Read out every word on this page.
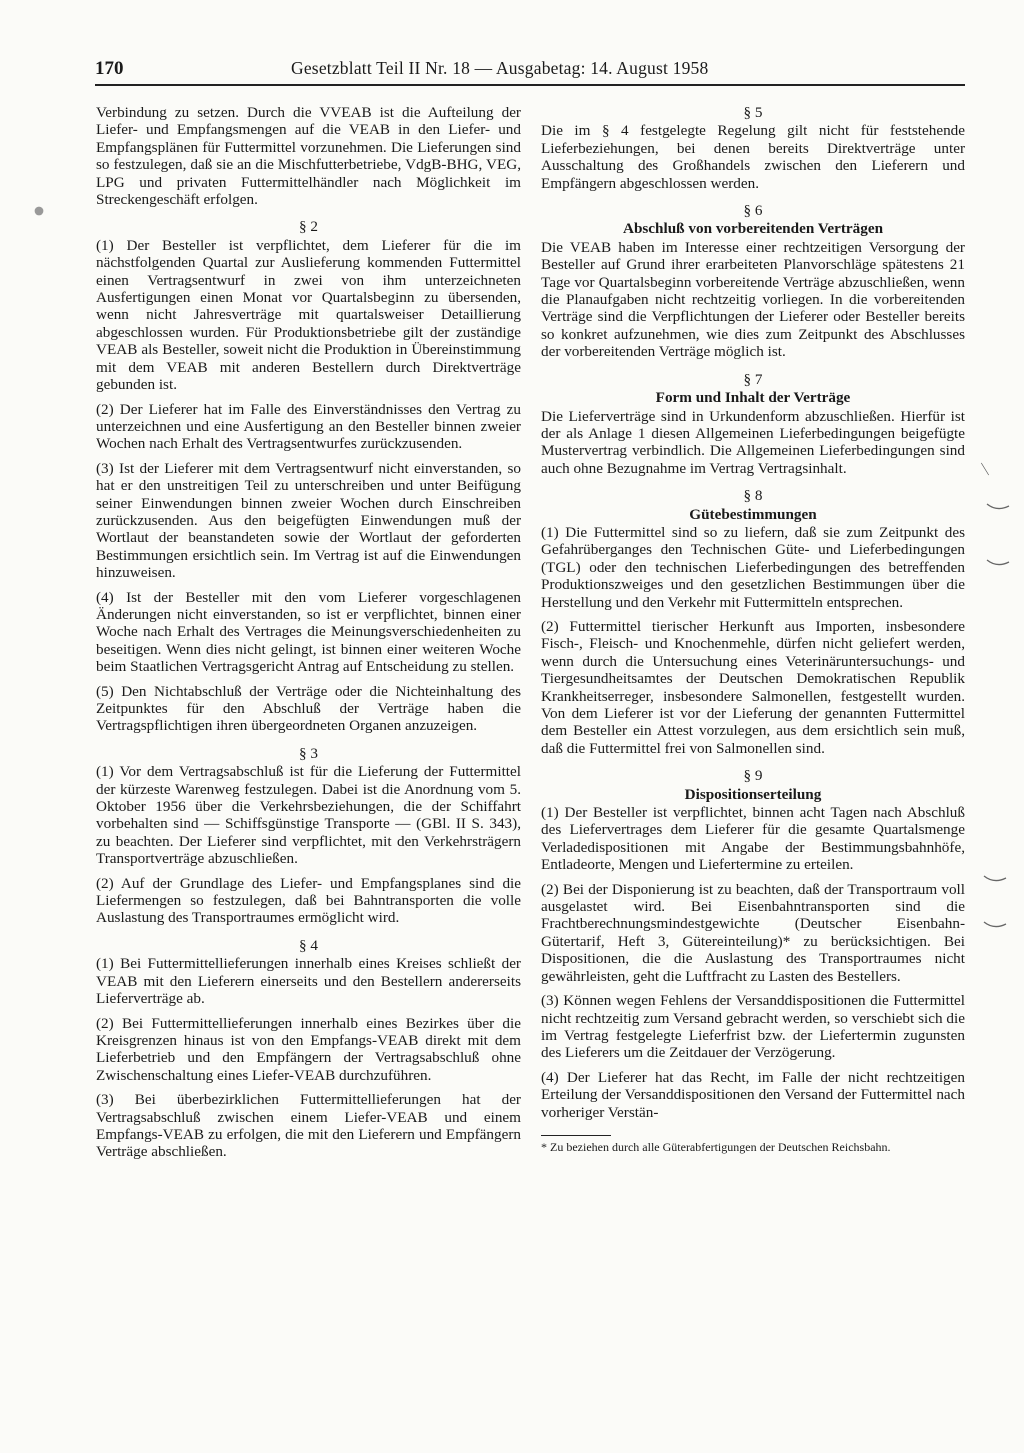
170	Gesetzblatt Teil II Nr. 18 — Ausgabetag: 14. August 1958

Verbindung zu setzen. Durch die VVEAB ist die Aufteilung der Liefer- und Empfangsmengen auf die VEAB in den Liefer- und Empfangsplänen für Futtermittel vorzunehmen. Die Lieferungen sind so festzulegen, daß sie an die Mischfutterbetriebe, VdgB-BHG, VEG, LPG und privaten Futtermittelhändler nach Möglichkeit im Streckengeschäft erfolgen.

§ 2

(1) Der Besteller ist verpflichtet, dem Lieferer für die im nächstfolgenden Quartal zur Auslieferung kommenden Futtermittel einen Vertragsentwurf in zwei von ihm unterzeichneten Ausfertigungen einen Monat vor Quartalsbeginn zu übersenden, wenn nicht Jahresverträge mit quartalsweiser Detaillierung abgeschlossen wurden. Für Produktionsbetriebe gilt der zuständige VEAB als Besteller, soweit nicht die Produktion in Übereinstimmung mit dem VEAB mit anderen Bestellern durch Direktverträge gebunden ist.

(2) Der Lieferer hat im Falle des Einverständnisses den Vertrag zu unterzeichnen und eine Ausfertigung an den Besteller binnen zweier Wochen nach Erhalt des Vertragsentwurfes zurückzusenden.

(3) Ist der Lieferer mit dem Vertragsentwurf nicht einverstanden, so hat er den unstreitigen Teil zu unterschreiben und unter Beifügung seiner Einwendungen binnen zweier Wochen durch Einschreiben zurückzusenden. Aus den beigefügten Einwendungen muß der Wortlaut der beanstandeten sowie der Wortlaut der geforderten Bestimmungen ersichtlich sein. Im Vertrag ist auf die Einwendungen hinzuweisen.

(4) Ist der Besteller mit den vom Lieferer vorgeschlagenen Änderungen nicht einverstanden, so ist er verpflichtet, binnen einer Woche nach Erhalt des Vertrages die Meinungsverschiedenheiten zu beseitigen. Wenn dies nicht gelingt, ist binnen einer weiteren Woche beim Staatlichen Vertragsgericht Antrag auf Entscheidung zu stellen.

(5) Den Nichtabschluß der Verträge oder die Nichteinhaltung des Zeitpunktes für den Abschluß der Verträge haben die Vertragspflichtigen ihren übergeordneten Organen anzuzeigen.

§ 3

(1) Vor dem Vertragsabschluß ist für die Lieferung der Futtermittel der kürzeste Warenweg festzulegen. Dabei ist die Anordnung vom 5. Oktober 1956 über die Verkehrsbeziehungen, die der Schiffahrt vorbehalten sind — Schiffsgünstige Transporte — (GBl. II S. 343), zu beachten. Der Lieferer sind verpflichtet, mit den Verkehrsträgern Transportverträge abzuschließen.

(2) Auf der Grundlage des Liefer- und Empfangsplanes sind die Liefermengen so festzulegen, daß bei Bahntransporten die volle Auslastung des Transportraumes ermöglicht wird.

§ 4

(1) Bei Futtermittellieferungen innerhalb eines Kreises schließt der VEAB mit den Lieferern einerseits und den Bestellern andererseits Lieferverträge ab.

(2) Bei Futtermittellieferungen innerhalb eines Bezirkes über die Kreisgrenzen hinaus ist von den Empfangs-VEAB direkt mit dem Lieferbetrieb und den Empfängern der Vertragsabschluß ohne Zwischenschaltung eines Liefer-VEAB durchzuführen.

(3) Bei überbezirklichen Futtermittellieferungen hat der Vertragsabschluß zwischen einem Liefer-VEAB und einem Empfangs-VEAB zu erfolgen, die mit den Lieferern und Empfängern Verträge abschließen.

§ 5

Die im § 4 festgelegte Regelung gilt nicht für feststehende Lieferbeziehungen, bei denen bereits Direktverträge unter Ausschaltung des Großhandels zwischen den Lieferern und Empfängern abgeschlossen werden.

§ 6
Abschluß von vorbereitenden Verträgen

Die VEAB haben im Interesse einer rechtzeitigen Versorgung der Besteller auf Grund ihrer erarbeiteten Planvorschläge spätestens 21 Tage vor Quartalsbeginn vorbereitende Verträge abzuschließen, wenn die Planaufgaben nicht rechtzeitig vorliegen. In die vorbereitenden Verträge sind die Verpflichtungen der Lieferer oder Besteller bereits so konkret aufzunehmen, wie dies zum Zeitpunkt des Abschlusses der vorbereitenden Verträge möglich ist.

§ 7
Form und Inhalt der Verträge

Die Lieferverträge sind in Urkundenform abzuschließen. Hierfür ist der als Anlage 1 diesen Allgemeinen Lieferbedingungen beigefügte Mustervertrag verbindlich. Die Allgemeinen Lieferbedingungen sind auch ohne Bezugnahme im Vertrag Vertragsinhalt.

§ 8
Gütebestimmungen

(1) Die Futtermittel sind so zu liefern, daß sie zum Zeitpunkt des Gefahrüberganges den Technischen Güte- und Lieferbedingungen (TGL) oder den technischen Lieferbedingungen des betreffenden Produktionszweiges und den gesetzlichen Bestimmungen über die Herstellung und den Verkehr mit Futtermitteln entsprechen.

(2) Futtermittel tierischer Herkunft aus Importen, insbesondere Fisch-, Fleisch- und Knochenmehle, dürfen nicht geliefert werden, wenn durch die Untersuchung eines Veterinäruntersuchungs- und Tiergesundheitsamtes der Deutschen Demokratischen Republik Krankheitserreger, insbesondere Salmonellen, festgestellt wurden. Von dem Lieferer ist vor der Lieferung der genannten Futtermittel dem Besteller ein Attest vorzulegen, aus dem ersichtlich sein muß, daß die Futtermittel frei von Salmonellen sind.

§ 9
Dispositionserteilung

(1) Der Besteller ist verpflichtet, binnen acht Tagen nach Abschluß des Liefervertrages dem Lieferer für die gesamte Quartalsmenge Verladedispositionen mit Angabe der Bestimmungsbahnhöfe, Entladeorte, Mengen und Liefertermine zu erteilen.

(2) Bei der Disponierung ist zu beachten, daß der Transportraum voll ausgelastet wird. Bei Eisenbahntransporten sind die Frachtberechnungsmindestgewichte (Deutscher Eisenbahn-Gütertarif, Heft 3, Gütereinteilung)* zu berücksichtigen. Bei Dispositionen, die die Auslastung des Transportraumes nicht gewährleisten, geht die Luftfracht zu Lasten des Bestellers.

(3) Können wegen Fehlens der Versanddispositionen die Futtermittel nicht rechtzeitig zum Versand gebracht werden, so verschiebt sich die im Vertrag festgelegte Lieferfrist bzw. der Liefertermin zugunsten des Lieferers um die Zeitdauer der Verzögerung.

(4) Der Lieferer hat das Recht, im Falle der nicht rechtzeitigen Erteilung der Versanddispositionen den Versand der Futtermittel nach vorheriger Verstän-

* Zu beziehen durch alle Güterabfertigungen der Deutschen Reichsbahn.
